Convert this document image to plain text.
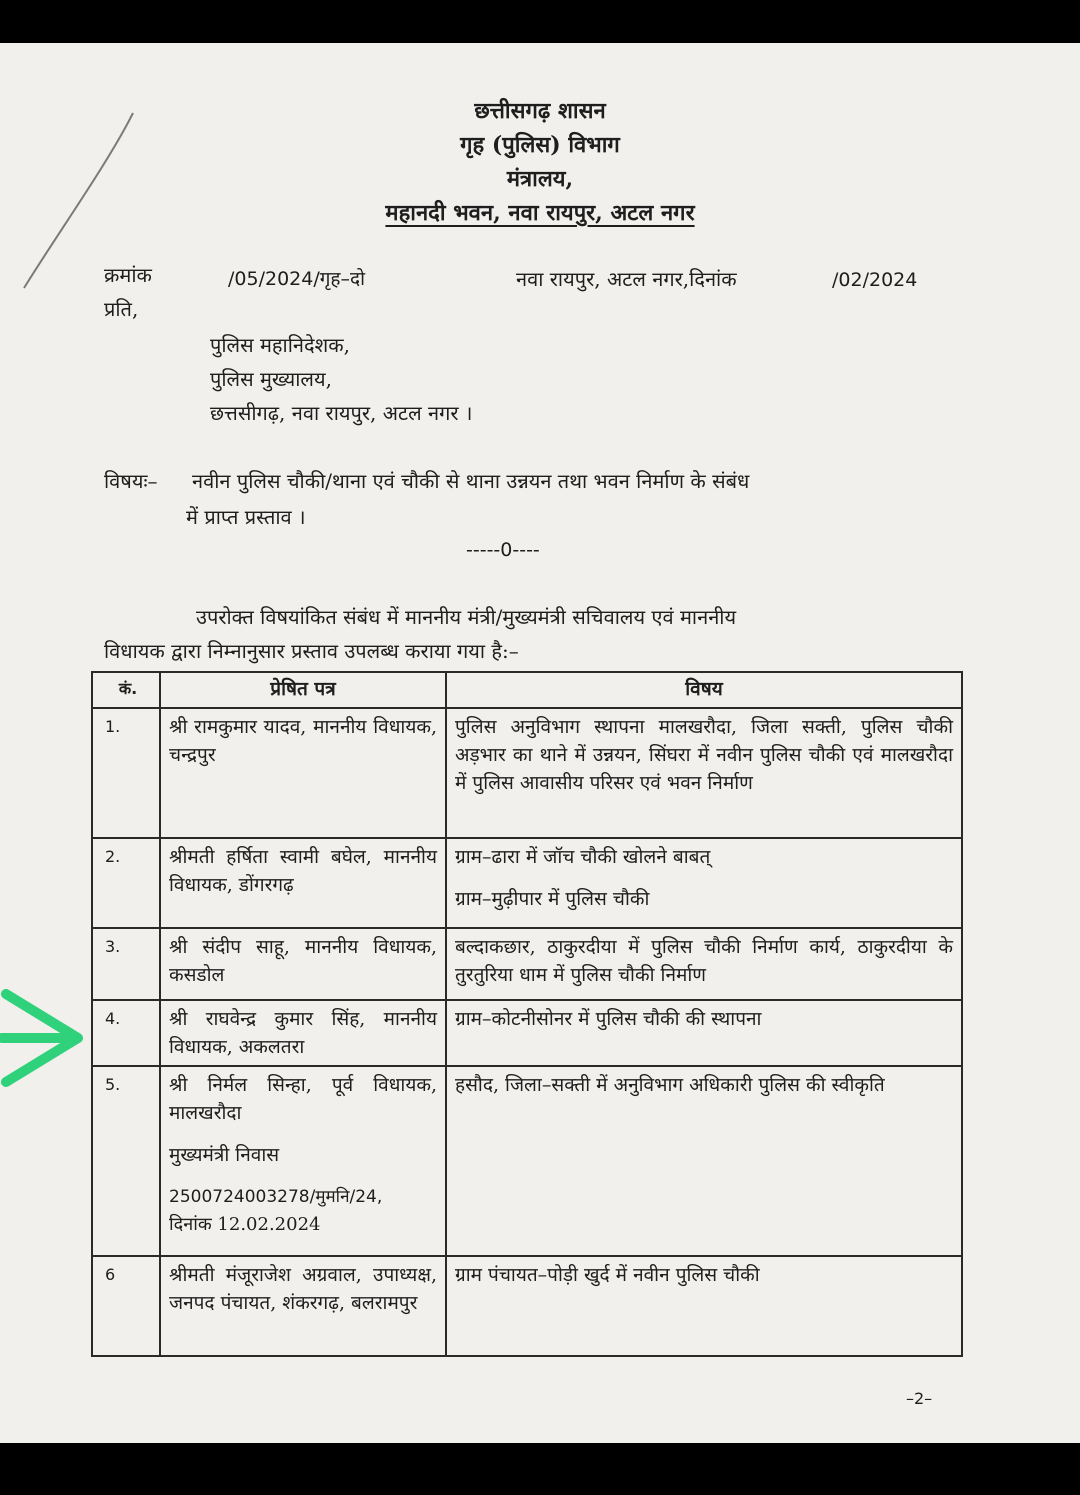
छत्तीसगढ़ शासन
गृह (पुलिस) विभाग
मंत्रालय,
महानदी भवन, नवा रायपुर, अटल नगर
क्रमांक	/05/2024/गृह–दो	नवा रायपुर, अटल नगर,दिनांक	/02/2024
प्रति,
पुलिस महानिदेशक,
पुलिस मुख्यालय,
छत्तसीगढ़, नवा रायपुर, अटल नगर ।
विषयः– नवीन पुलिस चौकी/थाना एवं चौकी से थाना उन्नयन तथा भवन निर्माण के संबंध
में प्राप्त प्रस्ताव ।
-----0----
उपरोक्त विषयांकित संबंध में माननीय मंत्री/मुख्यमंत्री सचिवालय एवं माननीय
विधायक द्वारा निम्नानुसार प्रस्ताव उपलब्ध कराया गया है:–
कं.	प्रेषित पत्र	विषय
1.	श्री रामकुमार यादव, माननीय विधायक, चन्द्रपुर	पुलिस अनुविभाग स्थापना मालखरौदा, जिला सक्ती, पुलिस चौकी अड़भार का थाने में उन्नयन, सिंघरा में नवीन पुलिस चौकी एवं मालखरौदा में पुलिस आवासीय परिसर एवं भवन निर्माण
2.	श्रीमती हर्षिता स्वामी बघेल, माननीय विधायक, डोंगरगढ़	ग्राम–ढारा में जॉच चौकी खोलने बाबत्
ग्राम–मुढ़ीपार में पुलिस चौकी

3.	श्री संदीप साहू, माननीय विधायक, कसडोल	बल्दाकछार, ठाकुरदीया में पुलिस चौकी निर्माण कार्य, ठाकुरदीया के तुरतुरिया धाम में पुलिस चौकी निर्माण
4.	श्री राघवेन्द्र कुमार सिंह, माननीय विधायक, अकलतरा	ग्राम–कोटनीसोनर में पुलिस चौकी की स्थापना
5.	श्री निर्मल सिन्हा, पूर्व विधायक, मालखरौदा
मुख्यमंत्री निवास
2500724003278/मुमनि/24,
दिनांक 12.02.2024	हसौद, जिला–सक्ती में अनुविभाग अधिकारी पुलिस की स्वीकृति
6	श्रीमती मंजूराजेश अग्रवाल, उपाध्यक्ष, जनपद पंचायत, शंकरगढ़, बलरामपुर	ग्राम पंचायत–पोड़ी खुर्द में नवीन पुलिस चौकी
–2–
